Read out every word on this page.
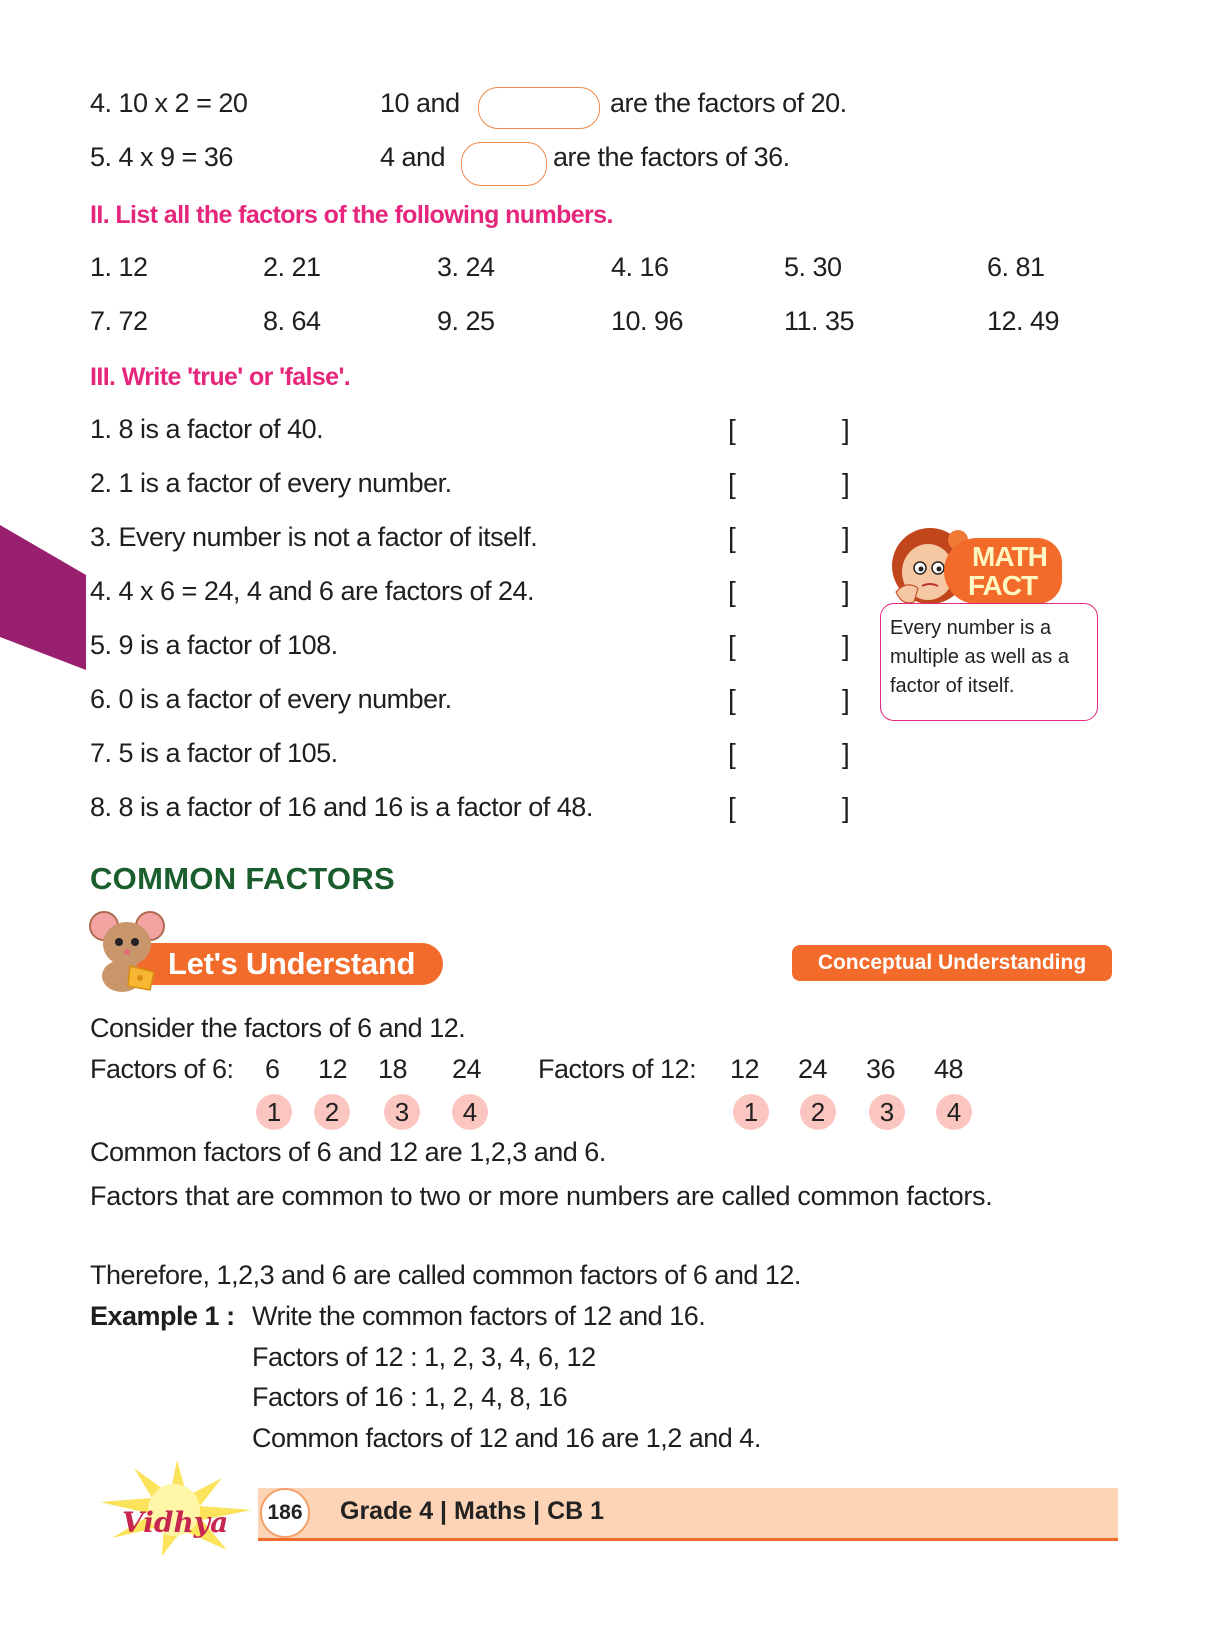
4. 10 x 2 = 20	10 and	are the factors of 20.
5. 4 x 9 = 36	4 and	are the factors of 36.
II. List all the factors of the following numbers.
1. 12	2. 21	3. 24	4. 16	5. 30	6. 81
7. 72	8. 64	9. 25	10. 96	11. 35	12. 49
III. Write 'true' or 'false'.
1. 8 is a factor of 40.	[	]
2. 1 is a factor of every number.	[	]
3. Every number is not a factor of itself.	[	]
4. 4 x 6 = 24, 4 and 6 are factors of 24.	[	]
5. 9 is a factor of 108.	[	]
6. 0 is a factor of every number.	[	]
7. 5 is a factor of 105.	[	]
8. 8 is a factor of 16 and 16 is a factor of 48.	[	]
MATH
FACT
Every number is a multiple as well as a factor of itself.
COMMON FACTORS
Let's Understand	Conceptual Understanding
Consider the factors of 6 and 12.
Factors of 6: 6 12 18 24
1	2	3	4
Factors of 12: 12 24 36 48
1	2	3	4
Common factors of 6 and 12 are 1,2,3 and 6.
Factors that are common to two or more numbers are called common factors.
Therefore, 1,2,3 and 6 are called common factors of 6 and 12.
Example 1 : Write the common factors of 12 and 16.
Factors of 12 : 1, 2, 3, 4, 6, 12
Factors of 16 : 1, 2, 4, 8, 16
Common factors of 12 and 16 are 1,2 and 4.
Vidhya 186 Grade 4 | Maths | CB 1
